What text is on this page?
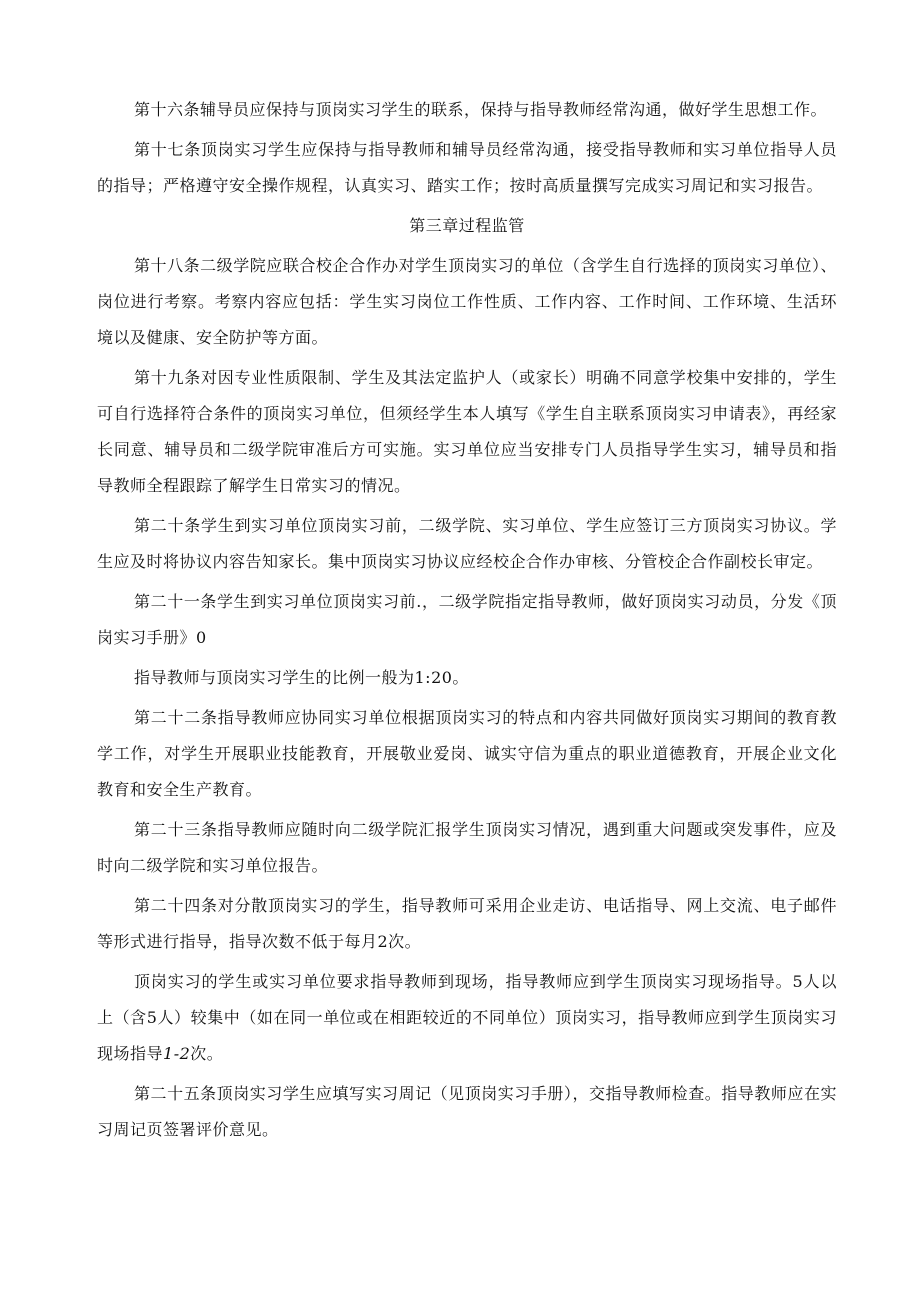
第十六条辅导员应保持与顶岗实习学生的联系，保持与指导教师经常沟通，做好学生思想工作。

第十七条顶岗实习学生应保持与指导教师和辅导员经常沟通，接受指导教师和实习单位指导人员的指导；严格遵守安全操作规程，认真实习、踏实工作；按时高质量撰写完成实习周记和实习报告。

第三章过程监管

第十八条二级学院应联合校企合作办对学生顶岗实习的单位（含学生自行选择的顶岗实习单位）、岗位进行考察。考察内容应包括：学生实习岗位工作性质、工作内容、工作时间、工作环境、生活环境以及健康、安全防护等方面。

第十九条对因专业性质限制、学生及其法定监护人（或家长）明确不同意学校集中安排的，学生可自行选择符合条件的顶岗实习单位，但须经学生本人填写《学生自主联系顶岗实习申请表》，再经家长同意、辅导员和二级学院审准后方可实施。实习单位应当安排专门人员指导学生实习，辅导员和指导教师全程跟踪了解学生日常实习的情况。

第二十条学生到实习单位顶岗实习前，二级学院、实习单位、学生应签订三方顶岗实习协议。学生应及时将协议内容告知家长。集中顶岗实习协议应经校企合作办审核、分管校企合作副校长审定。

第二十一条学生到实习单位顶岗实习前.，二级学院指定指导教师，做好顶岗实习动员，分发《顶岗实习手册》0

指导教师与顶岗实习学生的比例一般为1:20。

第二十二条指导教师应协同实习单位根据顶岗实习的特点和内容共同做好顶岗实习期间的教育教学工作，对学生开展职业技能教育，开展敬业爱岗、诚实守信为重点的职业道德教育，开展企业文化教育和安全生产教育。

第二十三条指导教师应随时向二级学院汇报学生顶岗实习情况，遇到重大问题或突发事件，应及时向二级学院和实习单位报告。

第二十四条对分散顶岗实习的学生，指导教师可采用企业走访、电话指导、网上交流、电子邮件等形式进行指导，指导次数不低于每月2次。

顶岗实习的学生或实习单位要求指导教师到现场，指导教师应到学生顶岗实习现场指导。5人以上（含5人）较集中（如在同一单位或在相距较近的不同单位）顶岗实习，指导教师应到学生顶岗实习现场指导1-2次。

第二十五条顶岗实习学生应填写实习周记（见顶岗实习手册），交指导教师检查。指导教师应在实习周记页签署评价意见。
